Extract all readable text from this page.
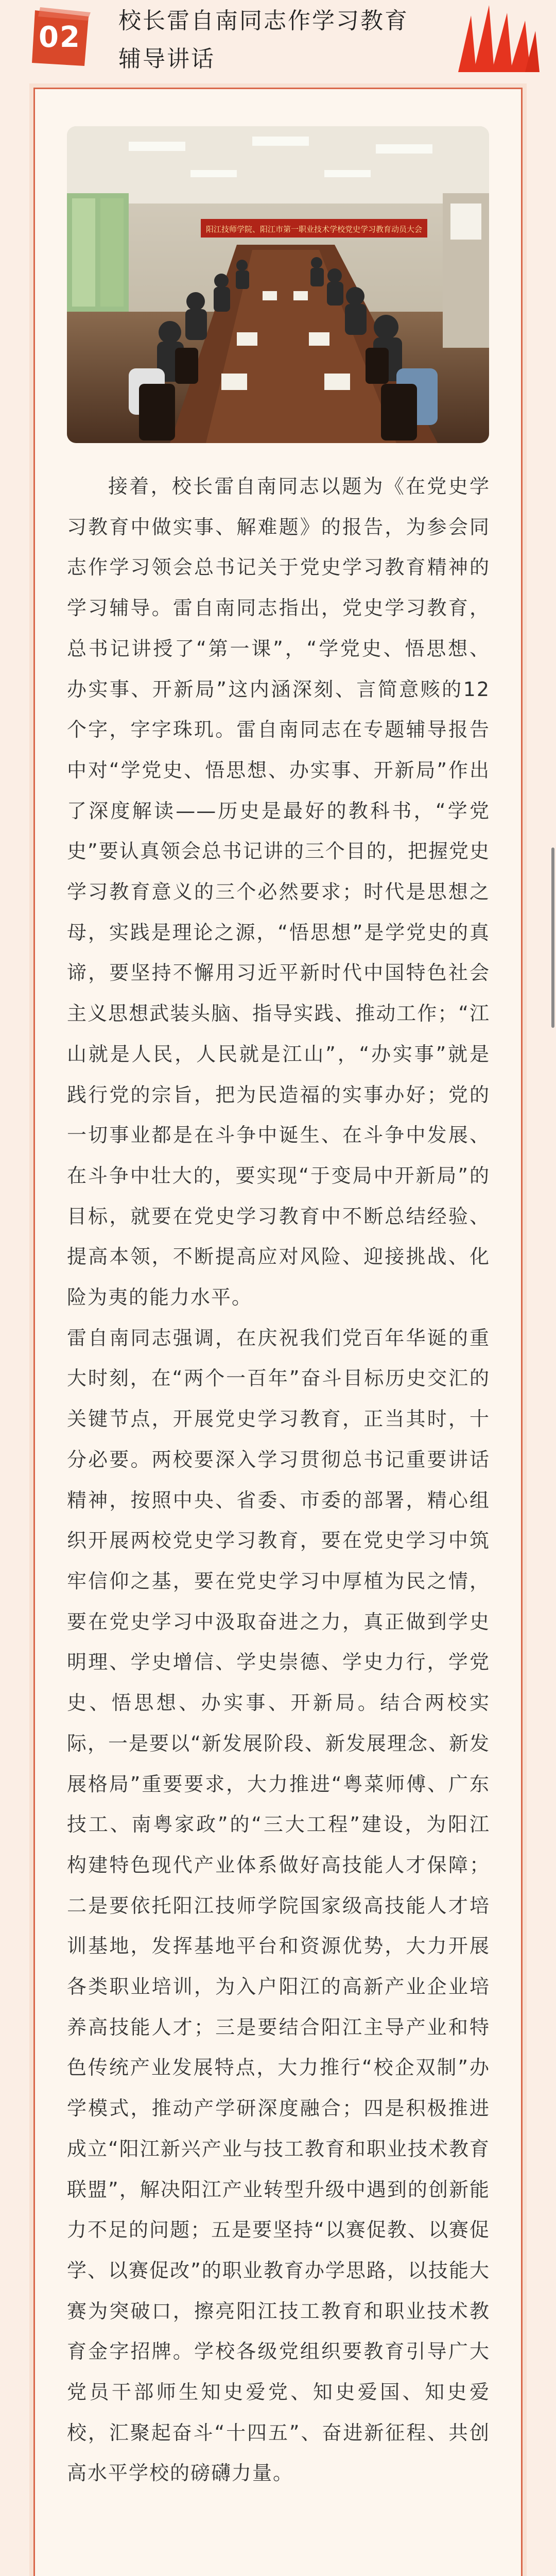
02	校长雷自南同志作学习教育辅导讲话
阳江技师学院、阳江市第一职业技术学校党史学习教育动员大会

接着，校长雷自南同志以题为《在党史学习教育中做实事、解难题》的报告，为参会同志作学习领会总书记关于党史学习教育精神的学习辅导。雷自南同志指出，党史学习教育，总书记讲授了“第一课”，“学党史、悟思想、办实事、开新局”这内涵深刻、言简意赅的12个字，字字珠玑。雷自南同志在专题辅导报告中对“学党史、悟思想、办实事、开新局”作出了深度解读——历史是最好的教科书，“学党史”要认真领会总书记讲的三个目的，把握党史学习教育意义的三个必然要求；时代是思想之母，实践是理论之源，“悟思想”是学党史的真谛，要坚持不懈用习近平新时代中国特色社会主义思想武装头脑、指导实践、推动工作；“江山就是人民，人民就是江山”，“办实事”就是践行党的宗旨，把为民造福的实事办好；党的一切事业都是在斗争中诞生、在斗争中发展、在斗争中壮大的，要实现“于变局中开新局”的目标，就要在党史学习教育中不断总结经验、提高本领，不断提高应对风险、迎接挑战、化险为夷的能力水平。

雷自南同志强调，在庆祝我们党百年华诞的重大时刻，在“两个一百年”奋斗目标历史交汇的关键节点，开展党史学习教育，正当其时，十分必要。两校要深入学习贯彻总书记重要讲话精神，按照中央、省委、市委的部署，精心组织开展两校党史学习教育，要在党史学习中筑牢信仰之基，要在党史学习中厚植为民之情，要在党史学习中汲取奋进之力，真正做到学史明理、学史增信、学史崇德、学史力行，学党史、悟思想、办实事、开新局。结合两校实际，一是要以“新发展阶段、新发展理念、新发展格局”重要要求，大力推进“粤菜师傅、广东技工、南粤家政”的“三大工程”建设，为阳江构建特色现代产业体系做好高技能人才保障；二是要依托阳江技师学院国家级高技能人才培训基地，发挥基地平台和资源优势，大力开展各类职业培训，为入户阳江的高新产业企业培养高技能人才；三是要结合阳江主导产业和特色传统产业发展特点，大力推行“校企双制”办学模式，推动产学研深度融合；四是积极推进成立“阳江新兴产业与技工教育和职业技术教育联盟”，解决阳江产业转型升级中遇到的创新能力不足的问题；五是要坚持“以赛促教、以赛促学、以赛促改”的职业教育办学思路，以技能大赛为突破口，擦亮阳江技工教育和职业技术教育金字招牌。学校各级党组织要教育引导广大党员干部师生知史爱党、知史爱国、知史爱校，汇聚起奋斗“十四五”、奋进新征程、共创高水平学校的磅礴力量。
